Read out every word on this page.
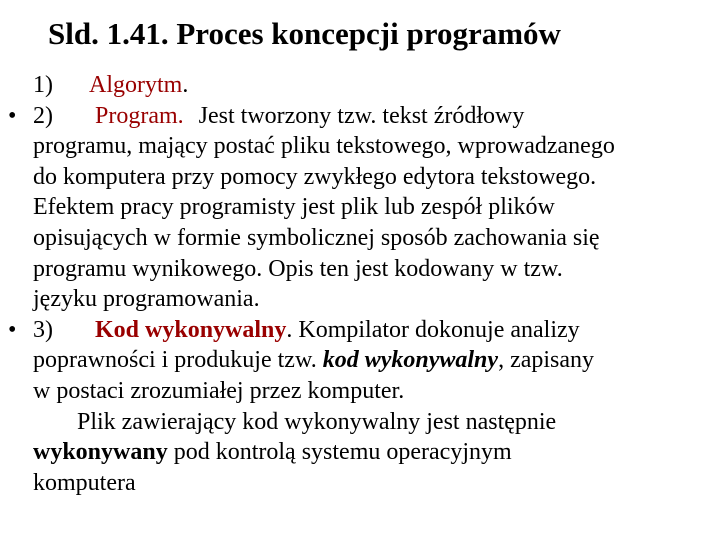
Sld. 1.41. Proces koncepcji programów
1) Algorytm.
• 2) Program. Jest tworzony tzw. tekst źródłowy
programu, mający postać pliku tekstowego, wprowadzanego
do komputera przy pomocy zwykłego edytora tekstowego.
Efektem pracy programisty jest plik lub zespół plików
opisujących w formie symbolicznej sposób zachowania się
programu wynikowego. Opis ten jest kodowany w tzw.
języku programowania.
• 3) Kod wykonywalny. Kompilator dokonuje analizy
poprawności i produkuje tzw. kod wykonywalny, zapisany
w postaci zrozumiałej przez komputer.
Plik zawierający kod wykonywalny jest następnie
wykonywany pod kontrolą systemu operacyjnym
komputera
